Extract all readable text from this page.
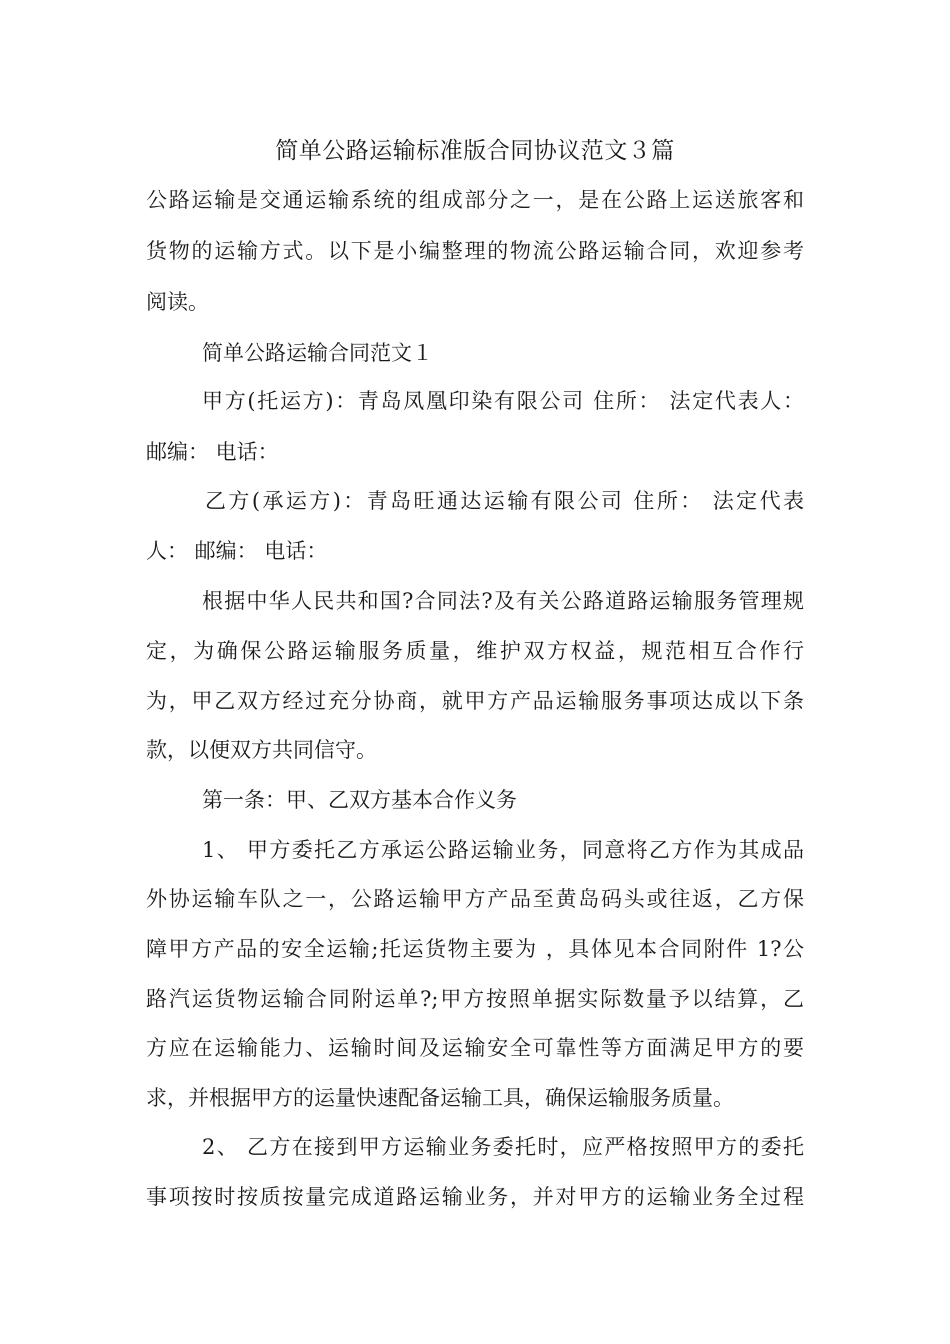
简单公路运输标准版合同协议范文３篇
公路运输是交通运输系统的组成部分之一，是在公路上运送旅客和
货物的运输方式。以下是小编整理的物流公路运输合同，欢迎参考
阅读。
简单公路运输合同范文１
甲方(托运方)：青岛凤凰印染有限公司 住所： 法定代表人：
邮编： 电话：
乙方(承运方)：青岛旺通达运输有限公司 住所： 法定代表
人： 邮编： 电话：
根据中华人民共和国?合同法?及有关公路道路运输服务管理规
定，为确保公路运输服务质量，维护双方权益，规范相互合作行
为，甲乙双方经过充分协商，就甲方产品运输服务事项达成以下条
款，以便双方共同信守。
第一条：甲、乙双方基本合作义务
1、 甲方委托乙方承运公路运输业务，同意将乙方作为其成品
外协运输车队之一，公路运输甲方产品至黄岛码头或往返，乙方保
障甲方产品的安全运输;托运货物主要为 ，具体见本合同附件 1?公
路汽运货物运输合同附运单?;甲方按照单据实际数量予以结算，乙
方应在运输能力、运输时间及运输安全可靠性等方面满足甲方的要
求，并根据甲方的运量快速配备运输工具，确保运输服务质量。
2、 乙方在接到甲方运输业务委托时，应严格按照甲方的委托
事项按时按质按量完成道路运输业务，并对甲方的运输业务全过程
